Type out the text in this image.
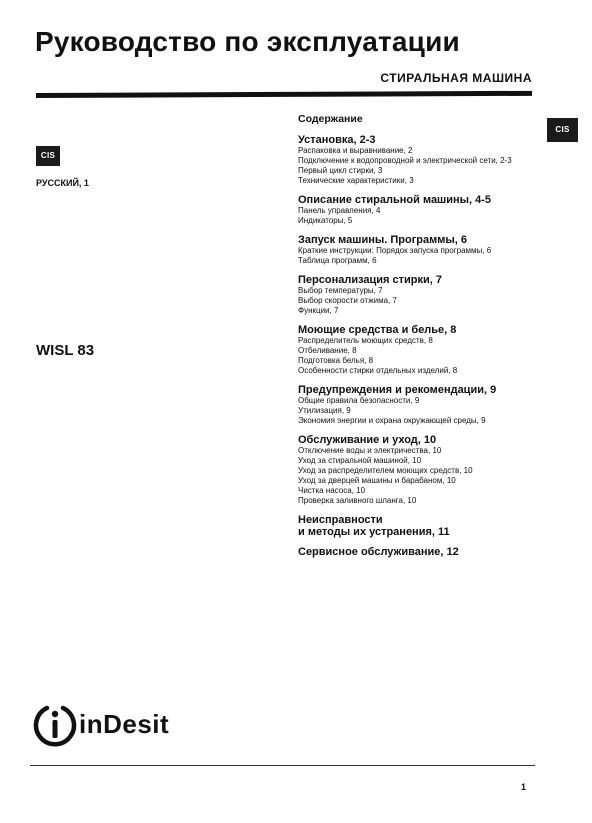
Руководство по эксплуатации
СТИРАЛЬНАЯ МАШИНА
CIS
РУССКИЙ, 1
WISL 83
CIS
Содержание
Установка, 2-3
Распаковка и выравнивание, 2
Подключение к водопроводной и электрической сети, 2-3
Первый цикл стирки, 3
Технические характеристики, 3
Описание стиральной машины, 4-5
Панель управления, 4
Индикаторы, 5
Запуск машины. Программы, 6
Краткие инструкции: Порядок запуска программы, 6
Таблица программ, 6
Персонализация стирки, 7
Выбор температуры, 7
Выбор скорости отжима, 7
Функции, 7
Моющие средства и белье, 8
Распределитель моющих средств, 8
Отбеливание, 8
Подготовка белья, 8
Особенности стирки отдельных изделий, 8
Предупреждения и рекомендации, 9
Общие правила безопасности, 9
Утилизация, 9
Экономия энергии и охрана окружающей среды, 9
Обслуживание и уход, 10
Отключение воды и электричества, 10
Уход за стиральной машиной, 10
Уход за распределителем моющих средств, 10
Уход за дверцей машины и барабаном, 10
Чистка насоса, 10
Проверка заливного шланга, 10
Неисправности
и методы их устранения, 11
Сервисное обслуживание, 12
inDesit
1
